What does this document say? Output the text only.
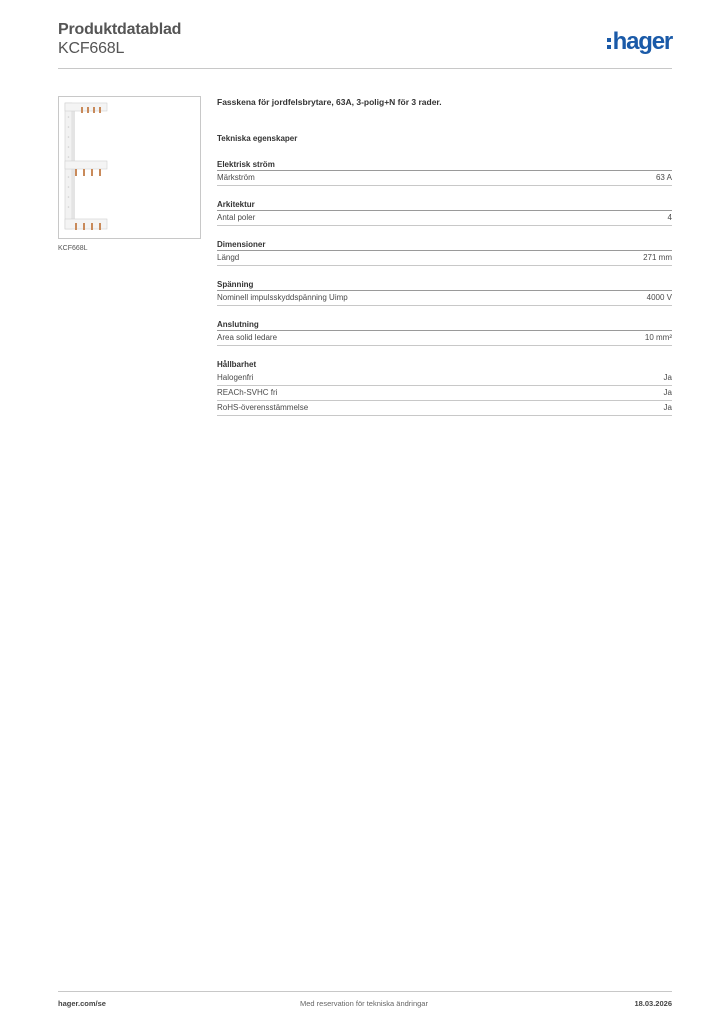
Produktdatablad
KCF668L	hager
KCF668L
Fasskena för jordfelsbrytare, 63A, 3-polig+N för 3 rader.
Tekniska egenskaper
Elektrisk ström
Märkström	63 A
Arkitektur
Antal poler	4
Dimensioner
Längd	271 mm
Spänning
Nominell impulsskyddspänning Uimp	4000 V
Anslutning
Area solid ledare	10 mm²
Hållbarhet
Halogenfri	Ja
REACh-SVHC fri	Ja
RoHS-överensstämmelse	Ja
hager.com/se	Med reservation för tekniska ändringar	18.03.2026
